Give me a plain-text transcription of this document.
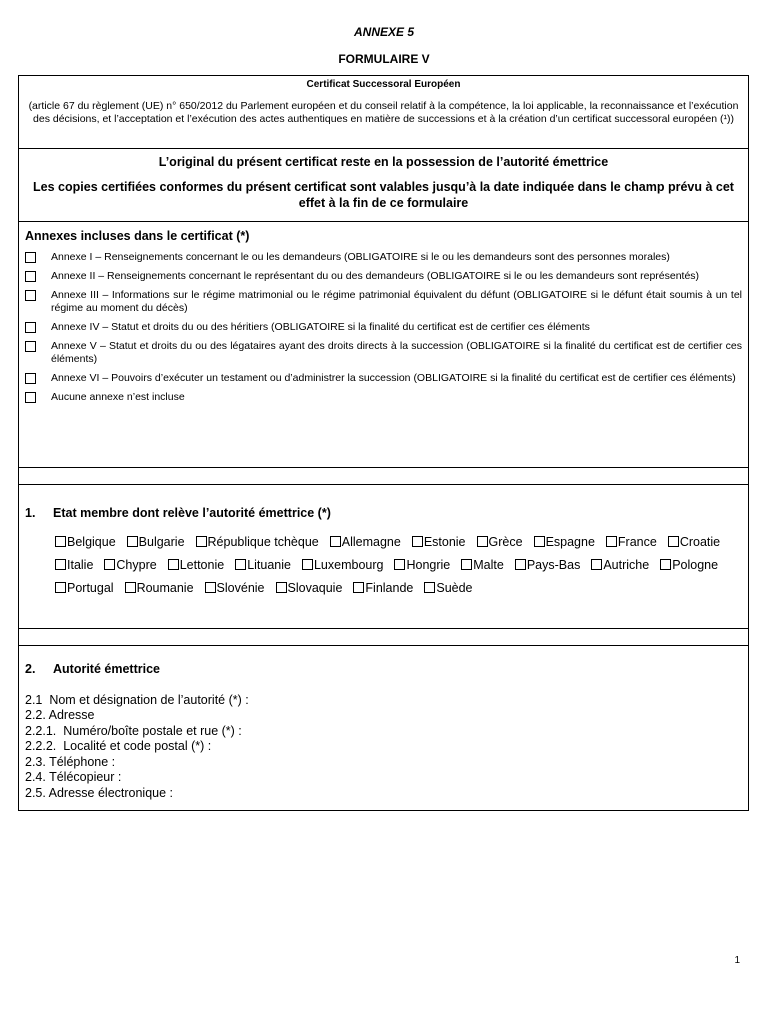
ANNEXE 5
FORMULAIRE V
Certificat Successoral Européen
(article 67 du règlement (UE) n° 650/2012 du Parlement européen et du conseil relatif à la compétence, la loi applicable, la reconnaissance et l’exécution des décisions, et l’acceptation et l’exécution des actes authentiques en matière de successions et à la création d’un certificat successoral européen (¹))
L’original du présent certificat reste en la possession de l’autorité émettrice
Les copies certifiées conformes du présent certificat sont valables jusqu’à la date indiquée dans le champ prévu à cet effet à la fin de ce formulaire
Annexes incluses dans le certificat (*)
Annexe I – Renseignements concernant le ou les demandeurs (OBLIGATOIRE si le ou les demandeurs sont des personnes morales)
Annexe II – Renseignements concernant le représentant du ou des demandeurs (OBLIGATOIRE si le ou les demandeurs sont représentés)
Annexe III – Informations sur le régime matrimonial ou le régime patrimonial équivalent du défunt (OBLIGATOIRE si le défunt était soumis à un tel régime au moment du décès)
Annexe IV – Statut et droits du ou des héritiers (OBLIGATOIRE si la finalité du certificat est de certifier ces éléments
Annexe V – Statut et droits du ou des légataires ayant des droits directs à la succession (OBLIGATOIRE si la finalité du certificat est de certifier ces éléments)
Annexe VI – Pouvoirs d’exécuter un testament ou d’administrer la succession (OBLIGATOIRE si la finalité du certificat est de certifier ces éléments)
Aucune annexe n’est incluse
1. Etat membre dont relève l’autorité émettrice (*)
Belgique Bulgarie République tchèque Allemagne Estonie Grèce Espagne France Croatie
Italie Chypre Lettonie Lituanie Luxembourg Hongrie Malte Pays-Bas Autriche Pologne
Portugal Roumanie Slovénie Slovaquie Finlande Suède
2. Autorité émettrice
2.1  Nom et désignation de l’autorité (*) :
2.2. Adresse
2.2.1.  Numéro/boîte postale et rue (*) :
2.2.2.  Localité et code postal (*) :
2.3. Téléphone :
2.4. Télécopieur :
2.5. Adresse électronique :
1
